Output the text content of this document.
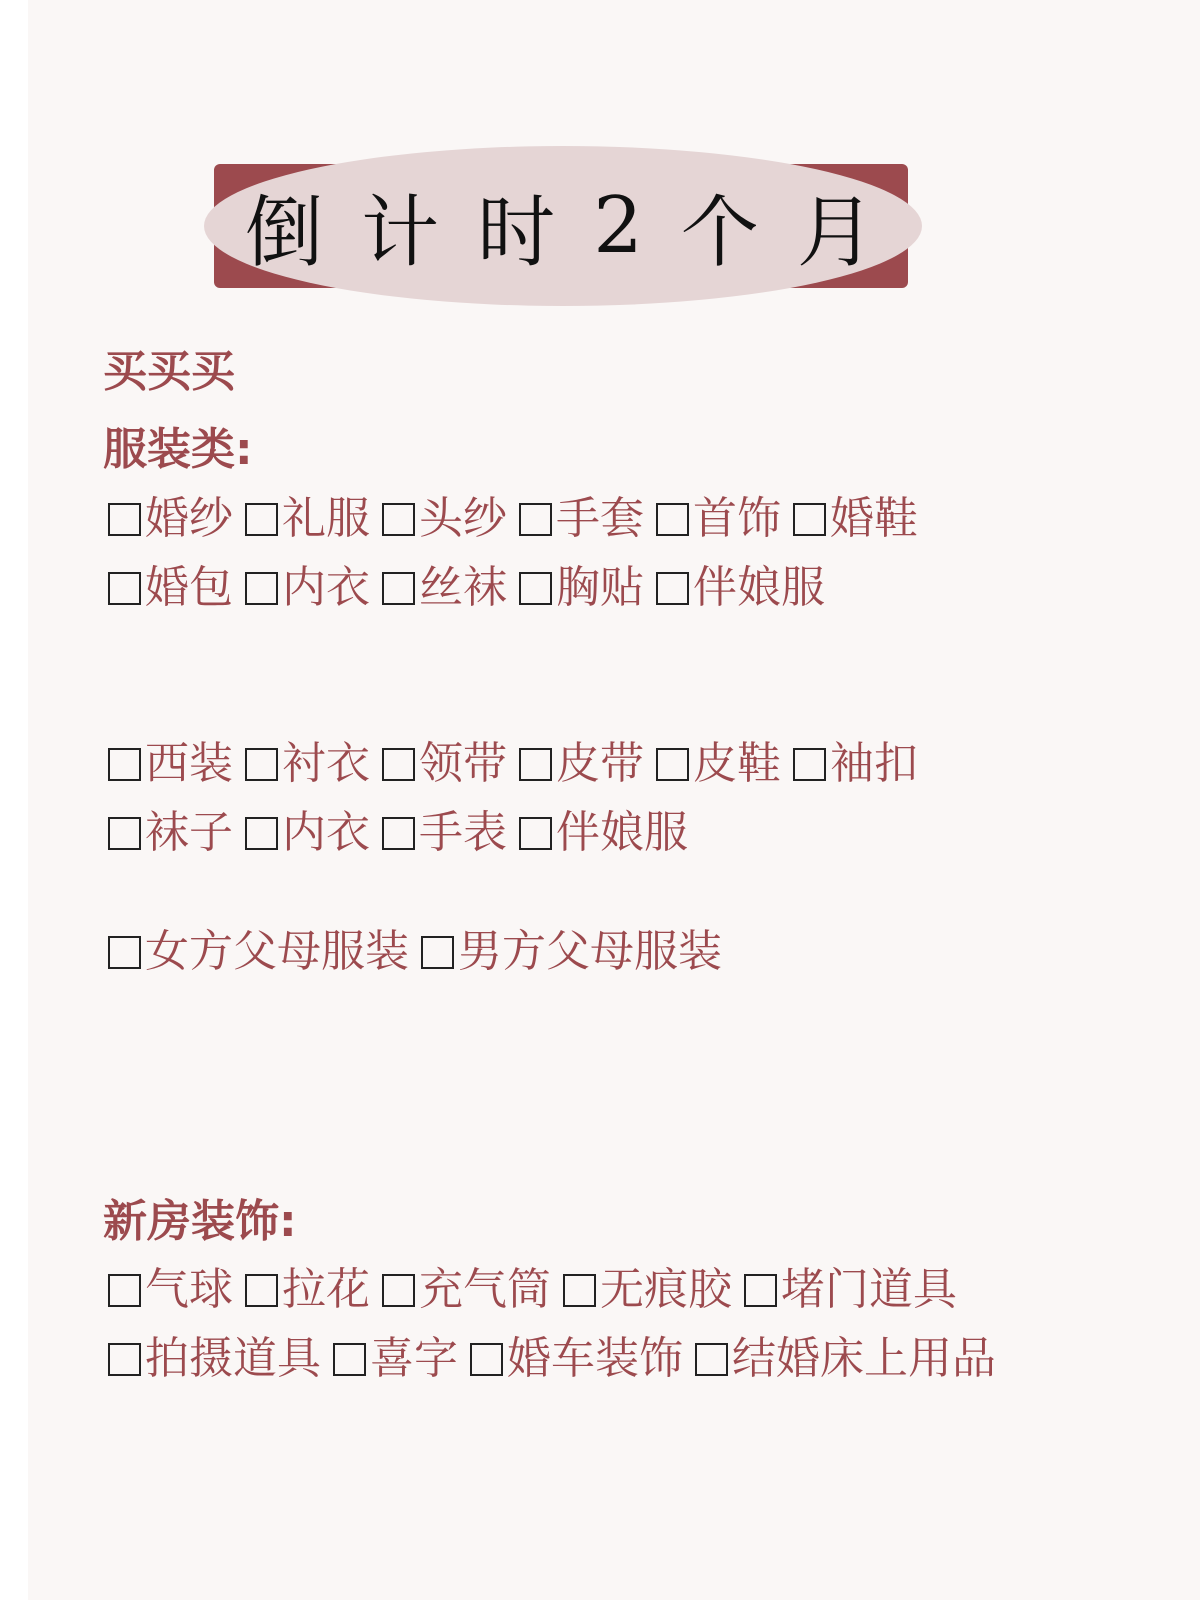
倒 计 时 2 个 月
买买买
服装类:
婚纱 礼服 头纱 手套 首饰 婚鞋
婚包 内衣 丝袜 胸贴 伴娘服
西装 衬衣 领带 皮带 皮鞋 袖扣
袜子 内衣 手表 伴娘服
女方父母服装 男方父母服装
新房装饰:
气球 拉花 充气筒 无痕胶 堵门道具
拍摄道具 喜字 婚车装饰 结婚床上用品
